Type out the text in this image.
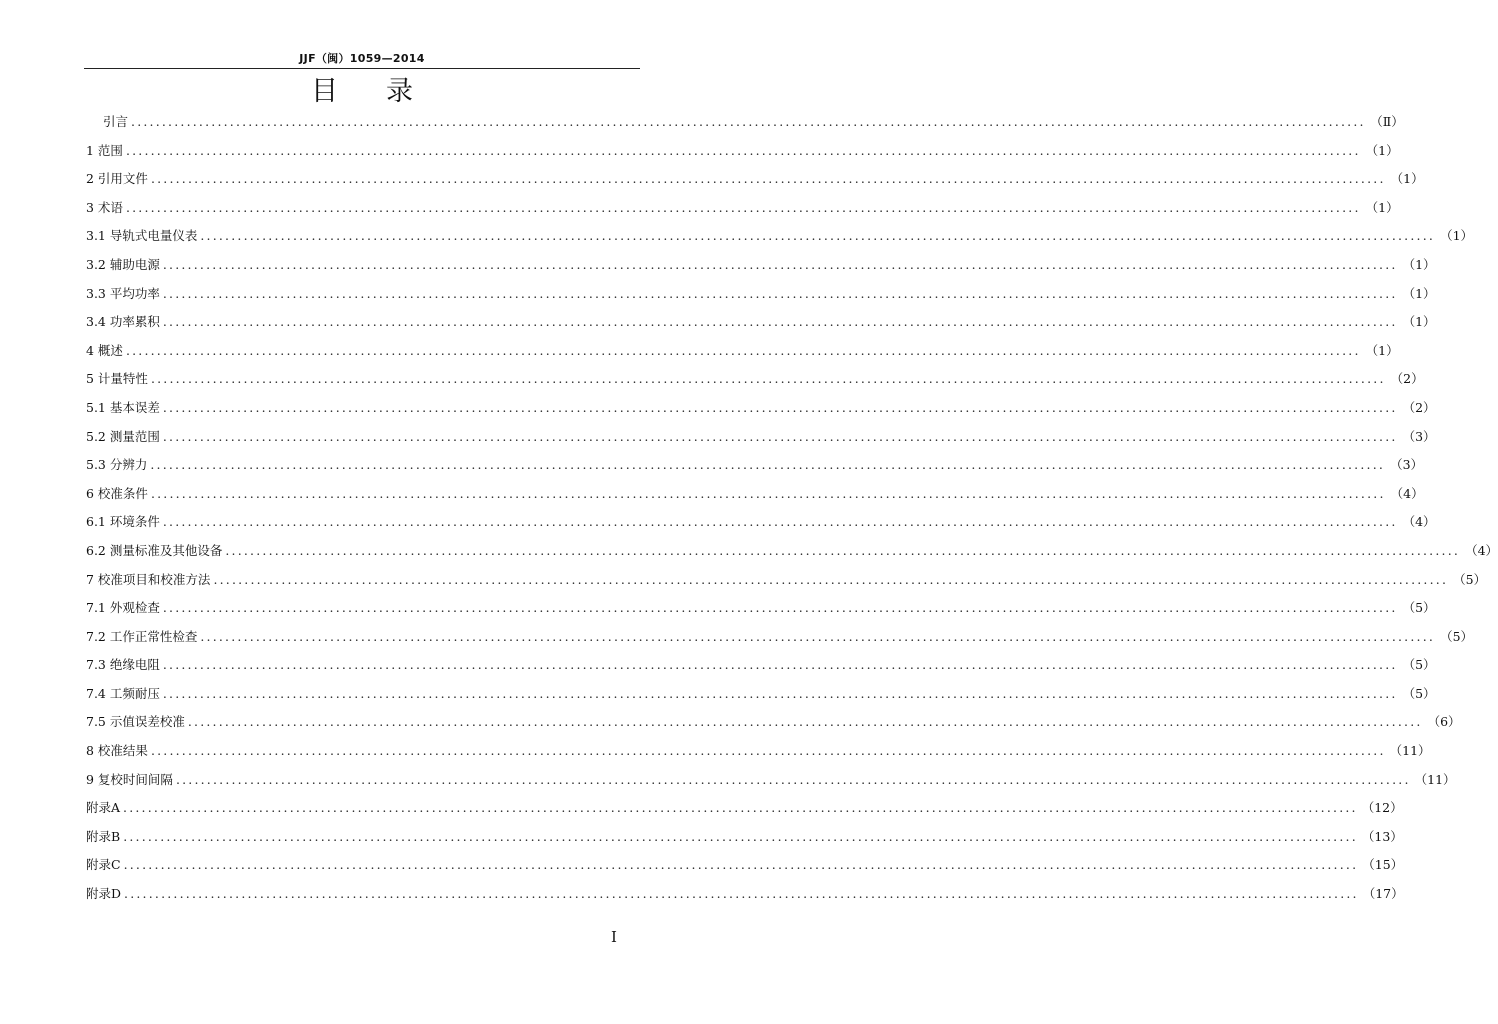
JJF（闽）1059—2014
目录
引言 ........................................................................................................................................................................................................ （Ⅱ）
1 范围 ........................................................................................................................................................................................................ （1）
2 引用文件 ........................................................................................................................................................................................................ （1）
3 术语 ........................................................................................................................................................................................................ （1）
3.1 导轨式电量仪表 ........................................................................................................................................................................................................ （1）
3.2 辅助电源 ........................................................................................................................................................................................................ （1）
3.3 平均功率 ........................................................................................................................................................................................................ （1）
3.4 功率累积 ........................................................................................................................................................................................................ （1）
4 概述 ........................................................................................................................................................................................................ （1）
5 计量特性 ........................................................................................................................................................................................................ （2）
5.1 基本误差 ........................................................................................................................................................................................................ （2）
5.2 测量范围 ........................................................................................................................................................................................................ （3）
5.3 分辨力 ........................................................................................................................................................................................................ （3）
6 校准条件 ........................................................................................................................................................................................................ （4）
6.1 环境条件 ........................................................................................................................................................................................................ （4）
6.2 测量标准及其他设备 ........................................................................................................................................................................................................ （4）
7 校准项目和校准方法 ........................................................................................................................................................................................................ （5）
7.1 外观检查 ........................................................................................................................................................................................................ （5）
7.2 工作正常性检查 ........................................................................................................................................................................................................ （5）
7.3 绝缘电阻 ........................................................................................................................................................................................................ （5）
7.4 工频耐压 ........................................................................................................................................................................................................ （5）
7.5 示值误差校准 ........................................................................................................................................................................................................ （6）
8 校准结果 ........................................................................................................................................................................................................ （11）
9 复校时间间隔 ........................................................................................................................................................................................................ （11）
附录A ........................................................................................................................................................................................................ （12）
附录B ........................................................................................................................................................................................................ （13）
附录C ........................................................................................................................................................................................................ （15）
附录D ........................................................................................................................................................................................................ （17）
I
